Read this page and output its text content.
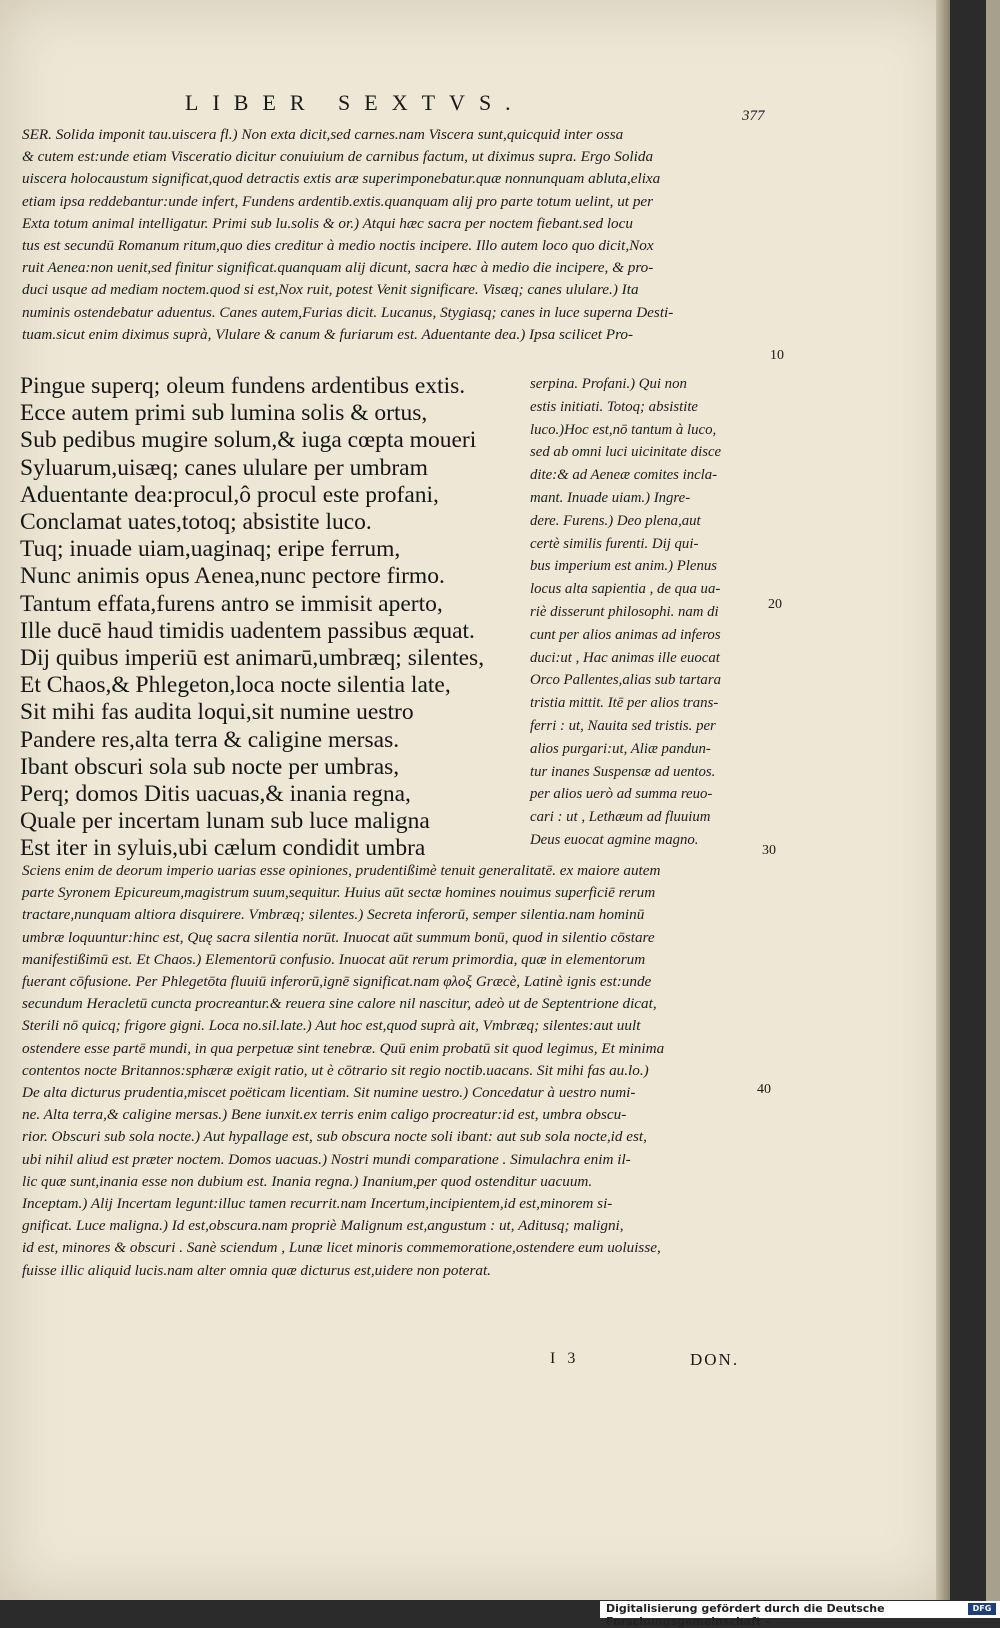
LIBER SEXTVS.
377

SER. Solida imponit tau.uiscera fl.) Non exta dicit,sed carnes.nam Viscera sunt,quicquid inter ossa

& cutem est:unde etiam Visceratio dicitur conuiuium de carnibus factum, ut diximus supra. Ergo Solida

uiscera holocaustum significat,quod detractis extis aræ superimponebatur.quæ nonnunquam abluta,elixa

etiam ipsa reddebantur:unde infert, Fundens ardentib.extis.quanquam alij pro parte totum uelint, ut per

Exta totum animal intelligatur. Primi sub lu.solis & or.) Atqui hæc sacra per noctem fiebant.sed locu

tus est secundū Romanum ritum,quo dies creditur à medio noctis incipere. Illo autem loco quo dicit,Nox

ruit Aenea:non uenit,sed finitur significat.quanquam alij dicunt, sacra hæc à medio die incipere, & pro-

duci usque ad mediam noctem.quod si est,Nox ruit, potest Venit significare. Visæq; canes ululare.) Ita

numinis ostendebatur aduentus. Canes autem,Furias dicit. Lucanus, Stygiasq; canes in luce superna Desti-

tuam.sicut enim diximus suprà, Vlulare & canum & furiarum est. Aduentante dea.) Ipsa scilicet Pro-

Pingue superq; oleum fundens ardentibus extis.

Ecce autem primi sub lumina solis & ortus,

Sub pedibus mugire solum,& iuga cœpta moueri

Syluarum,uisæq; canes ululare per umbram

Aduentante dea:procul,ô procul este profani,

Conclamat uates,totoq; absistite luco.

Tuq; inuade uiam,uaginaq; eripe ferrum,

Nunc animis opus Aenea,nunc pectore firmo.

Tantum effata,furens antro se immisit aperto,

Ille ducē haud timidis uadentem passibus æquat.

Dij quibus imperiū est animarū,umbræq; silentes,

Et Chaos,& Phlegeton,loca nocte silentia late,

Sit mihi fas audita loqui,sit numine uestro

Pandere res,alta terra & caligine mersas.

Ibant obscuri sola sub nocte per umbras,

Perq; domos Ditis uacuas,& inania regna,

Quale per incertam lunam sub luce maligna

Est iter in syluis,ubi cælum condidit umbra

serpina. Profani.) Qui non

estis initiati. Totoq; absistite

luco.)Hoc est,nō tantum à luco,

sed ab omni luci uicinitate disce

dite:& ad Aeneæ comites incla-

mant. Inuade uiam.) Ingre-

dere. Furens.) Deo plena,aut

certè similis furenti. Dij qui-

bus imperium est anim.) Plenus

locus alta sapientia , de qua ua-

riè disserunt philosophi. nam di

cunt per alios animas ad inferos

duci:ut , Hac animas ille euocat

Orco Pallentes,alias sub tartara

tristia mittit. Itē per alios trans-

ferri : ut, Nauita sed tristis. per

alios purgari:ut, Aliæ pandun-

tur inanes Suspensæ ad uentos.

per alios uerò ad summa reuo-

cari : ut , Lethæum ad fluuium

Deus euocat agmine magno.

Sciens enim de deorum imperio uarias esse opiniones, prudentißimè tenuit generalitatē. ex maiore autem

parte Syronem Epicureum,magistrum suum,sequitur. Huius aūt sectæ homines nouimus superficiē rerum

tractare,nunquam altiora disquirere. Vmbræq; silentes.) Secreta inferorū, semper silentia.nam hominū

umbræ loquuntur:hinc est, Quę sacra silentia norūt. Inuocat aūt summum bonū, quod in silentio cōstare

manifestißimū est. Et Chaos.) Elementorū confusio. Inuocat aūt rerum primordia, quæ in elementorum

fuerant cōfusione. Per Phlegetōta fluuiū inferorū,ignē significat.nam φλοξ Græcè, Latinè ignis est:unde

secundum Heracletū cuncta procreantur.& reuera sine calore nil nascitur, adeò ut de Septentrione dicat,

Sterili nō quicq; frigore gigni. Loca no.sil.late.) Aut hoc est,quod suprà ait, Vmbræq; silentes:aut uult

ostendere esse partē mundi, in qua perpetuæ sint tenebræ. Quū enim probatū sit quod legimus, Et minima

contentos nocte Britannos:sphæræ exigit ratio, ut è cōtrario sit regio noctib.uacans. Sit mihi fas au.lo.)

De alta dicturus prudentia,miscet poëticam licentiam. Sit numine uestro.) Concedatur à uestro numi-

ne. Alta terra,& caligine mersas.) Bene iunxit.ex terris enim caligo procreatur:id est, umbra obscu-

rior. Obscuri sub sola nocte.) Aut hypallage est, sub obscura nocte soli ibant: aut sub sola nocte,id est,

ubi nihil aliud est præter noctem. Domos uacuas.) Nostri mundi comparatione . Simulachra enim il-

lic quæ sunt,inania esse non dubium est. Inania regna.) Inanium,per quod ostenditur uacuum.

Inceptam.) Alij Incertam legunt:illuc tamen recurrit.nam Incertum,incipientem,id est,minorem si-

gnificat. Luce maligna.) Id est,obscura.nam propriè Malignum est,angustum : ut, Aditusq; maligni,

id est, minores & obscuri . Sanè sciendum , Lunæ licet minoris commemoratione,ostendere eum uoluisse,

fuisse illic aliquid lucis.nam alter omnia quæ dicturus est,uidere non poterat.

10
20
30
40
I 3	DON.
Digitalisierung gefördert durch die Deutsche Forschungsgemeinschaft -
DFG
